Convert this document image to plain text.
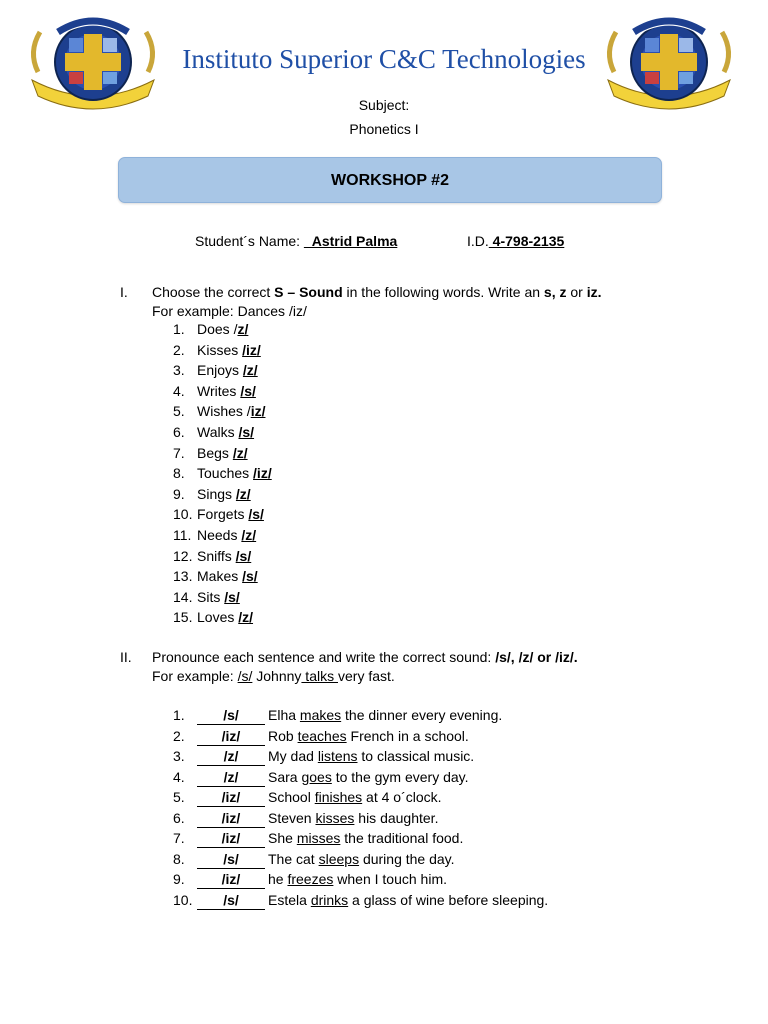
Instituto Superior C&C Technologies
Subject:
Phonetics I
WORKSHOP #2
Student´s Name: _Astrid Palma	I.D. 4-798-2135
I. Choose the correct S – Sound in the following words. Write an s, z or iz.
For example: Dances /iz/
1. Does /z/
2. Kisses /iz/
3. Enjoys /z/
4. Writes /s/
5. Wishes /iz/
6. Walks /s/
7. Begs /z/
8. Touches /iz/
9. Sings /z/
10. Forgets /s/
11. Needs /z/
12. Sniffs /s/
13. Makes /s/
14. Sits /s/
15. Loves /z/
II. Pronounce each sentence and write the correct sound: /s/, /z/ or /iz/.
For example: /s/ Johnny talks very fast.
1.	/s/	Elha makes the dinner every evening.
2.	/iz/	Rob teaches French in a school.
3.	/z/	My dad listens to classical music.
4.	/z/	Sara goes to the gym every day.
5.	/iz/	School finishes at 4 o´clock.
6.	/iz/	Steven kisses his daughter.
7.	/iz/	She misses the traditional food.
8.	/s/	The cat sleeps during the day.
9.	/iz/	he freezes when I touch him.
10.	/s/	Estela drinks a glass of wine before sleeping.
